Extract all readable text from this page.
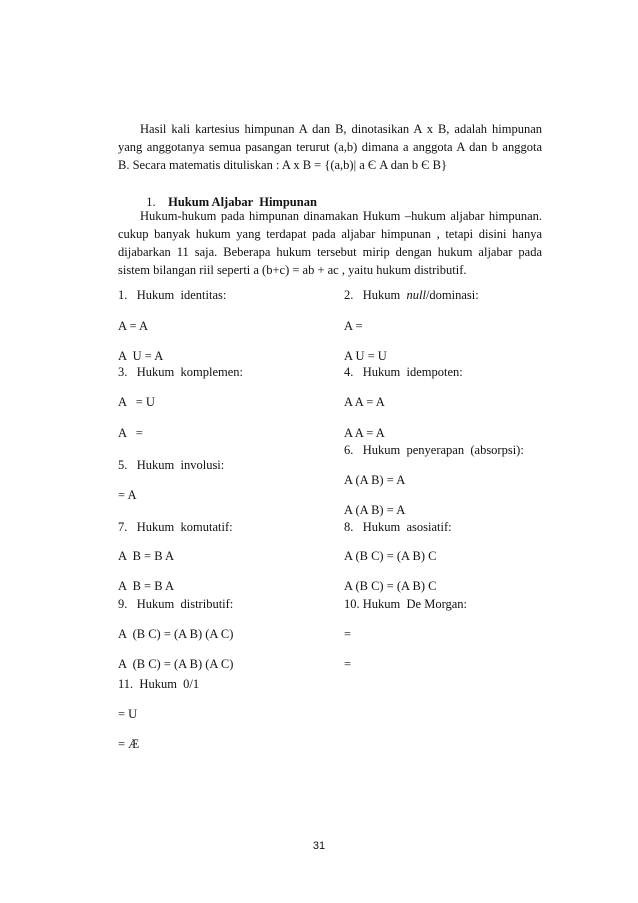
Hasil kali kartesius himpunan A dan B, dinotasikan A x B, adalah himpunan
yang anggotanya semua pasangan terurut (a,b) dimana a anggota A dan b anggota
B. Secara matematis dituliskan : A x B = {(a,b)| a Є A dan b Є B}

1. Hukum Aljabar  Himpunan

Hukum-hukum pada himpunan dinamakan Hukum –hukum aljabar himpunan.
cukup banyak hukum yang terdapat pada aljabar himpunan , tetapi disini hanya
dijabarkan 11 saja. Beberapa hukum tersebut mirip dengan hukum aljabar pada
sistem bilangan riil seperti a (b+c) = ab + ac , yaitu hukum distributif.
1.   Hukum  identitas:
A = A
A  U = A
3.   Hukum  komplemen:
A   = U
A   =
5.   Hukum  involusi:
= A
7.   Hukum  komutatif:
A  B = B A
A  B = B A
9.   Hukum  distributif:
A  (B C) = (A B) (A C)
A  (B C) = (A B) (A C)
11.  Hukum  0/1
= U
= Æ
2.   Hukum  null/dominasi:
A =
A U = U
4.   Hukum  idempoten:
A A = A
A A = A
6.   Hukum  penyerapan  (absorpsi):
A (A B) = A
A (A B) = A
8.   Hukum  asosiatif:
A (B C) = (A B) C
A (B C) = (A B) C
10. Hukum  De Morgan:
=
=
31
